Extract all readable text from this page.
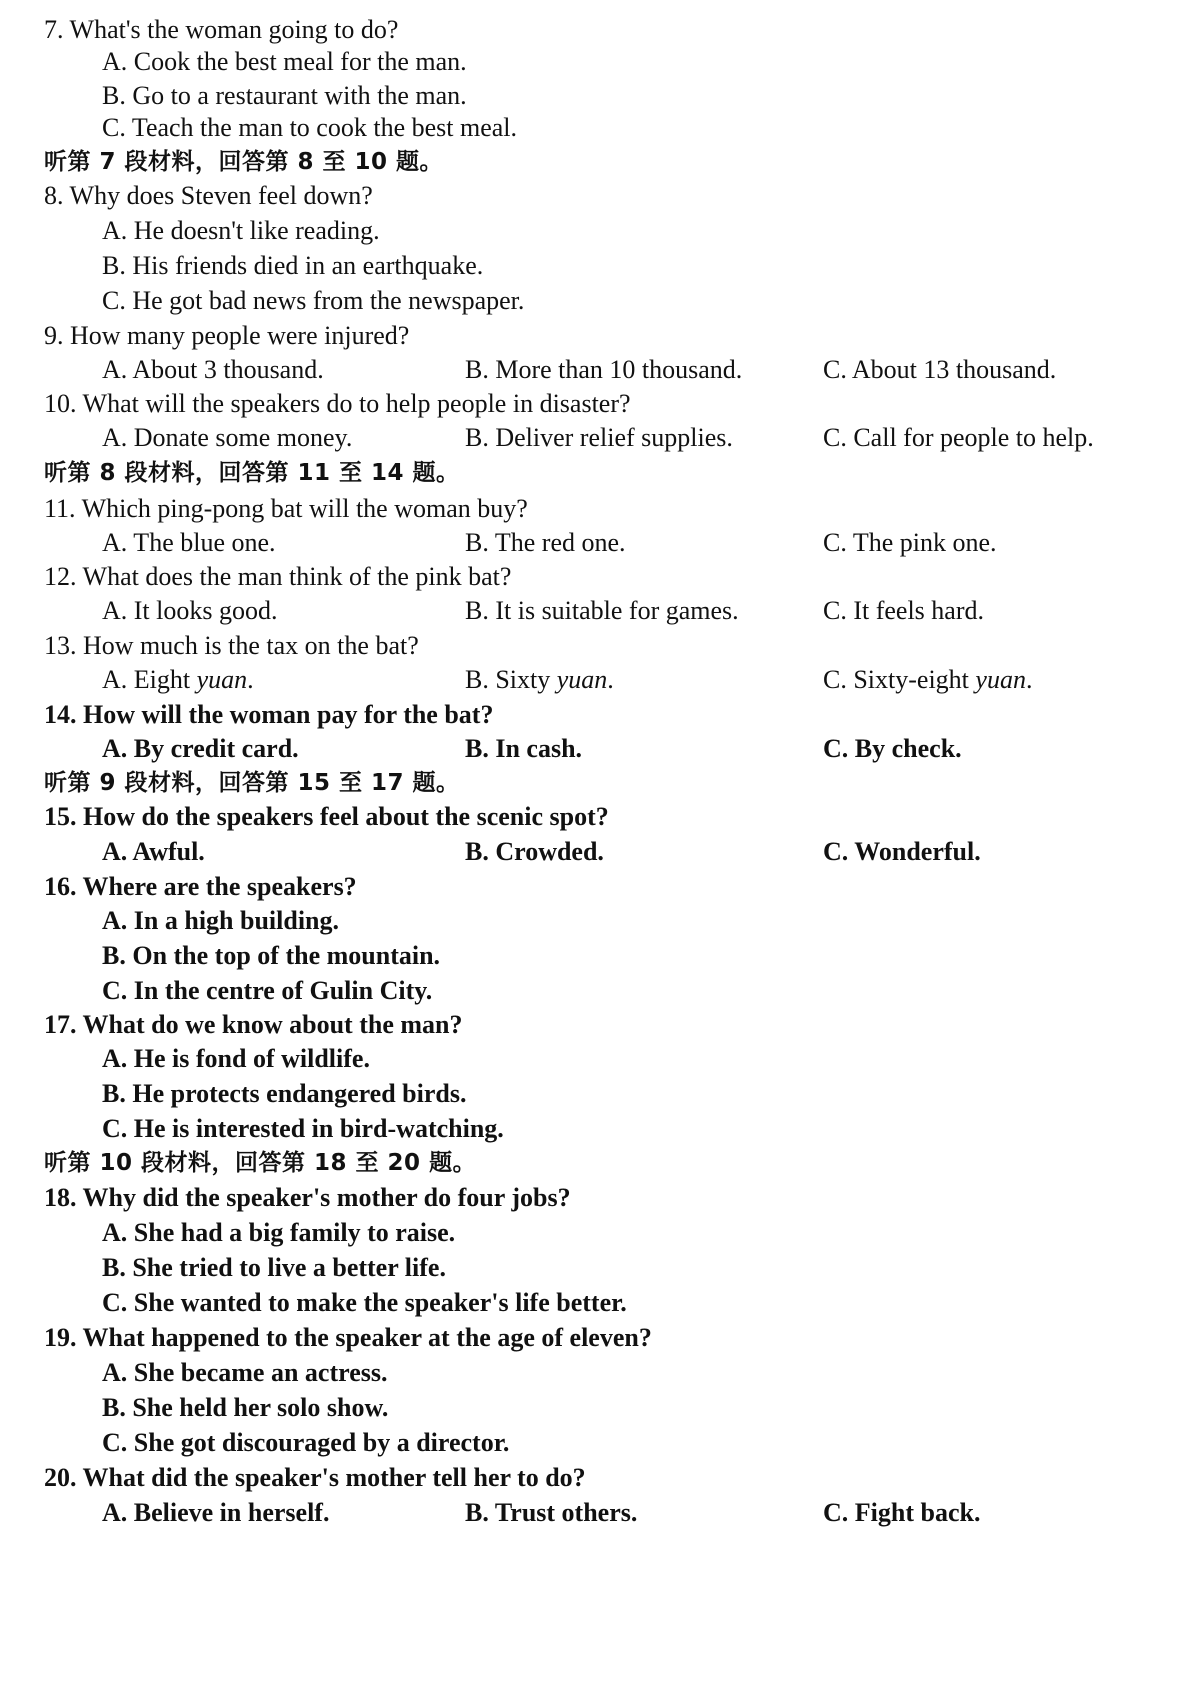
7. What's the woman going to do?
A. Cook the best meal for the man.
B. Go to a restaurant with the man.
C. Teach the man to cook the best meal.
听第 7 段材料，回答第 8 至 10 题。
8. Why does Steven feel down?
A. He doesn't like reading.
B. His friends died in an earthquake.
C. He got bad news from the newspaper.
9. How many people were injured?
A. About 3 thousand.	B. More than 10 thousand.	C. About 13 thousand.
10. What will the speakers do to help people in disaster?
A. Donate some money.	B. Deliver relief supplies.	C. Call for people to help.
听第 8 段材料，回答第 11 至 14 题。
11. Which ping-pong bat will the woman buy?
A. The blue one.	B. The red one.	C. The pink one.
12. What does the man think of the pink bat?
A. It looks good.	B. It is suitable for games.	C. It feels hard.
13. How much is the tax on the bat?
A. Eight yuan.	B. Sixty yuan.	C. Sixty-eight yuan.
14. How will the woman pay for the bat?
A. By credit card.	B. In cash.	C. By check.
听第 9 段材料，回答第 15 至 17 题。
15. How do the speakers feel about the scenic spot?
A. Awful.	B. Crowded.	C. Wonderful.
16. Where are the speakers?
A. In a high building.
B. On the top of the mountain.
C. In the centre of Gulin City.
17. What do we know about the man?
A. He is fond of wildlife.
B. He protects endangered birds.
C. He is interested in bird-watching.
听第 10 段材料，回答第 18 至 20 题。
18. Why did the speaker's mother do four jobs?
A. She had a big family to raise.
B. She tried to live a better life.
C. She wanted to make the speaker's life better.
19. What happened to the speaker at the age of eleven?
A. She became an actress.
B. She held her solo show.
C. She got discouraged by a director.
20. What did the speaker's mother tell her to do?
A. Believe in herself.	B. Trust others.	C. Fight back.
